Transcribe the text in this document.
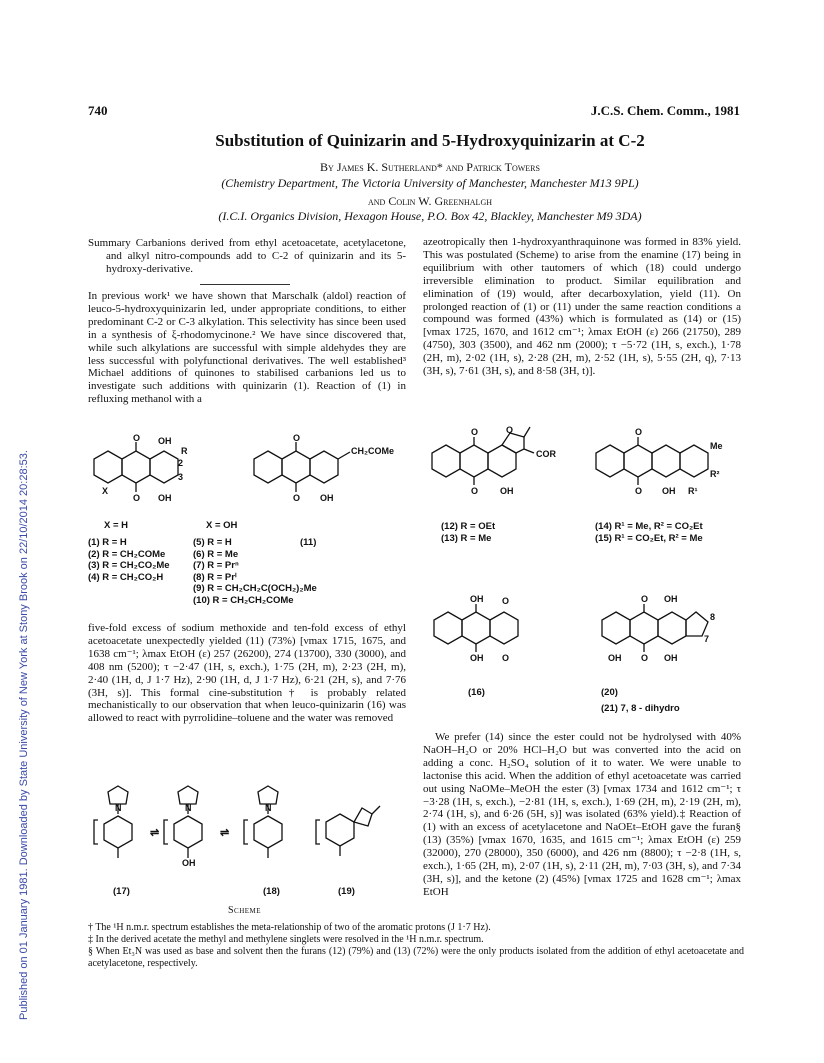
Published on 01 January 1981. Downloaded by State University of New York at Stony Brook on 22/10/2014 20:28:53.
740	J.C.S. Chem. Comm., 1981
Substitution of Quinizarin and 5-Hydroxyquinizarin at C-2
By James K. Sutherland* and Patrick Towers
(Chemistry Department, The Victoria University of Manchester, Manchester M13 9PL)
and Colin W. Greenhalgh
(I.C.I. Organics Division, Hexagon House, P.O. Box 42, Blackley, Manchester M9 3DA)

Summary Carbanions derived from ethyl acetoacetate, acetylacetone, and alkyl nitro-compounds add to C-2 of quinizarin and its 5-hydroxy-derivative.

In previous work¹ we have shown that Marschalk (aldol) reaction of leuco-5-hydroxyquinizarin led, under appropriate conditions, to either predominant C-2 or C-3 alkylation. This selectivity has since been used in a synthesis of ξ-rhodomycinone.² We have since discovered that, while such alkylations are successful with simple aldehydes they are less successful with polyfunctional derivatives. The well established³ Michael additions of quinones to stabilised carbanions led us to investigate such additions with quinizarin (1). Reaction of (1) in refluxing methanol with a

O
O
OH
OH
R
2
3
X
O
O OH
CH₂COMe
X = H	X = OH
(1) R = H
(2) R = CH₂COMe
(3) R = CH₂CO₂Me
(4) R = CH₂CO₂H
(5) R = H
(6) R = Me
(7) R = Prⁿ
(8) R = Prⁱ
(9) R = CH₂CH₂C(OCH₂)₂Me
(10) R = CH₂CH₂COMe
(11)

five-fold excess of sodium methoxide and ten-fold excess of ethyl acetoacetate unexpectedly yielded (11) (73%) [νmax 1715, 1675, and 1638 cm⁻¹; λmax EtOH (ε) 257 (26200), 274 (13700), 330 (3000), and 408 nm (5200); τ −2·47 (1H, s, exch.), 1·75 (2H, m), 2·23 (2H, m), 2·40 (1H, d, J 1·7 Hz), 2·90 (1H, d, J 1·7 Hz), 6·21 (2H, s), and 7·76 (3H, s)]. This formal cine-substitution† is probably related mechanistically to our observation that when leuco-quinizarin (16) was allowed to react with pyrrolidine–toluene and the water was removed

N
⇌
N
OH
⇌
N
(17)	(18)	(19)
Scheme

azeotropically then 1-hydroxyanthraquinone was formed in 83% yield. This was postulated (Scheme) to arise from the enamine (17) being in equilibrium with other tautomers of which (18) could undergo irreversible elimination to product. Similar equilibration and elimination of (19) would, after decarboxylation, yield (11). On prolonged reaction of (1) or (11) under the same reaction conditions a compound was formed (43%) which is formulated as (14) or (15) [νmax 1725, 1670, and 1612 cm⁻¹; λmax EtOH (ε) 266 (21750), 289 (4750), 303 (3500), and 462 nm (2000); τ −5·72 (1H, s, exch.), 1·78 (2H, m), 2·02 (1H, s), 2·28 (2H, m), 2·52 (1H, s), 5·55 (2H, q), 7·13 (3H, s), 7·61 (3H, s), and 8·58 (3H, t)].

O
O OH
O
COR
O
O OH
Me
R²
R¹
(12) R = OEt
(13) R = Me
(14) R¹ = Me, R² = CO₂Et
(15) R¹ = CO₂Et, R² = Me
OH
OH
O
O
O
O
OH
OH
OH
8
7
(16)	(20)
(21) 7, 8 - dihydro

We prefer (14) since the ester could not be hydrolysed with 40% NaOH–H₂O or 20% HCl–H₂O but was converted into the acid on adding a conc. H₂SO₄ solution of it to water. We were unable to lactonise this acid. When the addition of ethyl acetoacetate was carried out using NaOMe–MeOH the ester (3) [νmax 1734 and 1612 cm⁻¹; τ −3·28 (1H, s, exch.), −2·81 (1H, s, exch.), 1·69 (2H, m), 2·19 (2H, m), 2·74 (1H, s), and 6·26 (5H, s)] was isolated (63% yield).‡ Reaction of (1) with an excess of acetylacetone and NaOEt–EtOH gave the furan§ (13) (35%) [νmax 1670, 1635, and 1615 cm⁻¹; λmax EtOH (ε) 259 (32000), 270 (28000), 350 (6000), and 426 nm (8800); τ −2·8 (1H, s, exch.), 1·65 (2H, m), 2·07 (1H, s), 2·11 (2H, m), 7·03 (3H, s), and 7·34 (3H, s)], and the ketone (2) (45%) [νmax 1725 and 1628 cm⁻¹; λmax EtOH

† The ¹H n.m.r. spectrum establishes the meta-relationship of two of the aromatic protons (J 1·7 Hz).

‡ In the derived acetate the methyl and methylene singlets were resolved in the ¹H n.m.r. spectrum.

§ When Et₃N was used as base and solvent then the furans (12) (79%) and (13) (72%) were the only products isolated from the addition of ethyl acetoacetate and acetylacetone, respectively.
